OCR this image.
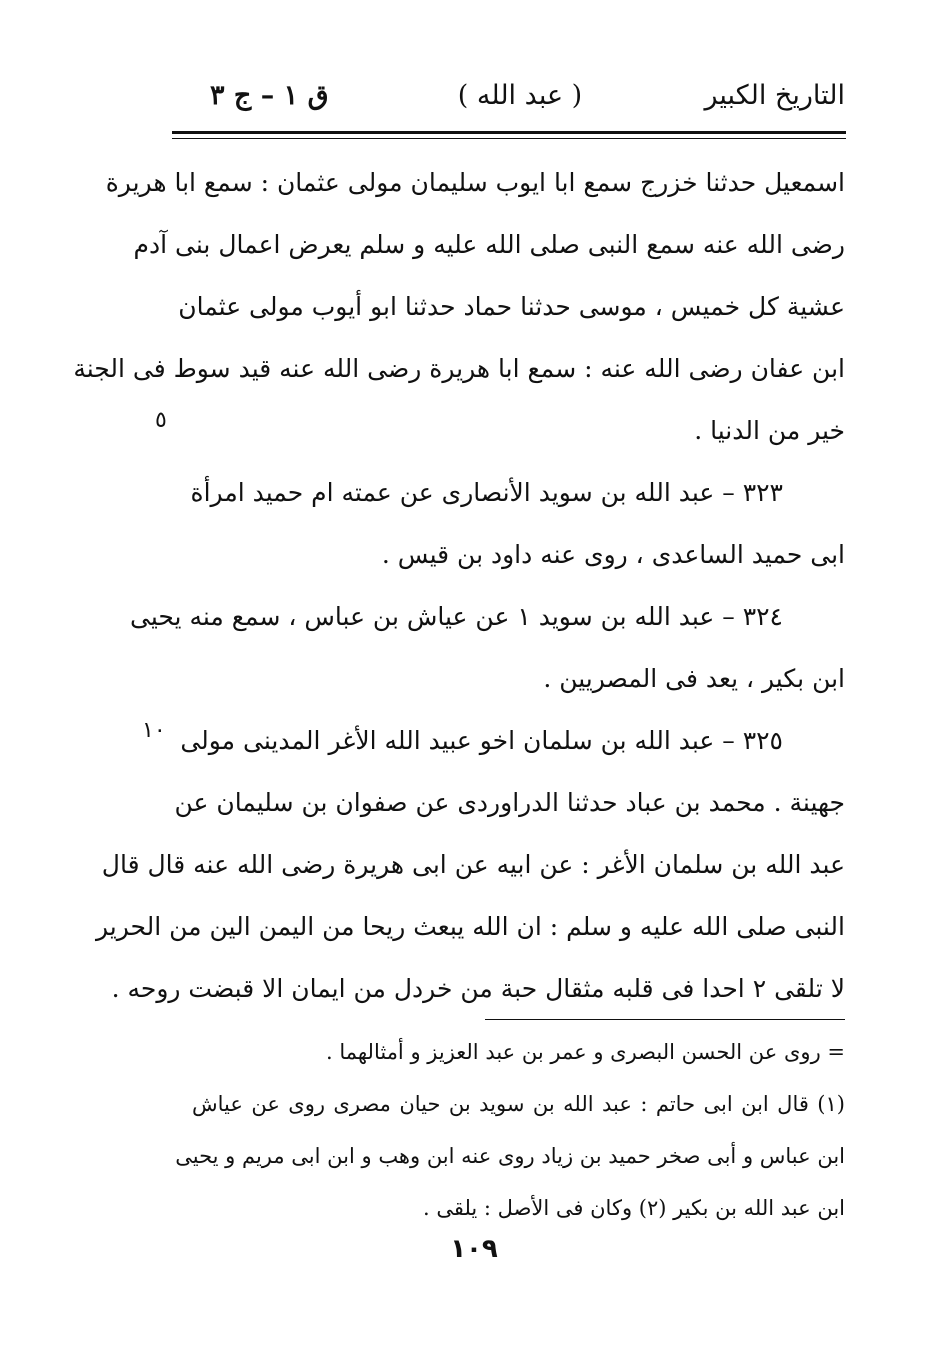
التاريخ الكبير
( عبد الله )
ق ١ – ج ٣
اسمعيل حدثنا خزرج سمع ابا ايوب سليمان مولى عثمان : سمع ابا هريرة
رضى الله عنه سمع النبى صلى الله عليه و سلم يعرض اعمال بنى آدم
عشية كل خميس ، موسى حدثنا حماد حدثنا ابو أيوب مولى عثمان
ابن عفان رضى الله عنه : سمع ابا هريرة رضى الله عنه قيد سوط فى الجنة
خير من الدنيا .
٣٢٣ – عبد الله بن سويد الأنصارى عن عمته ام حميد امرأة
ابى حميد الساعدى ، روى عنه داود بن قيس .
٣٢٤ – عبد الله بن سويد ١ عن عياش بن عباس ، سمع منه يحيى
ابن بكير ، يعد فى المصريين .
٣٢٥ – عبد الله بن سلمان اخو عبيد الله الأغر المدينى مولى
جهينة . محمد بن عباد حدثنا الدراوردى عن صفوان بن سليمان عن
عبد الله بن سلمان الأغر : عن ابيه عن ابى هريرة رضى الله عنه قال قال
النبى صلى الله عليه و سلم : ان الله يبعث ريحا من اليمن الين من الحرير
لا تلقى ٢ احدا فى قلبه مثقال حبة من خردل من ايمان الا قبضت روحه .
٥
١٠
= روى عن الحسن البصرى و عمر بن عبد العزيز و أمثالهما .
(١) قال ابن ابى حاتم : عبد الله بن سويد بن حيان مصرى روى عن عياش
ابن عباس و أبى صخر حميد بن زياد روى عنه ابن وهب و ابن ابى مريم و يحيى
ابن عبد الله بن بكير (٢) وكان فى الأصل : يلقى .
١٠٩
